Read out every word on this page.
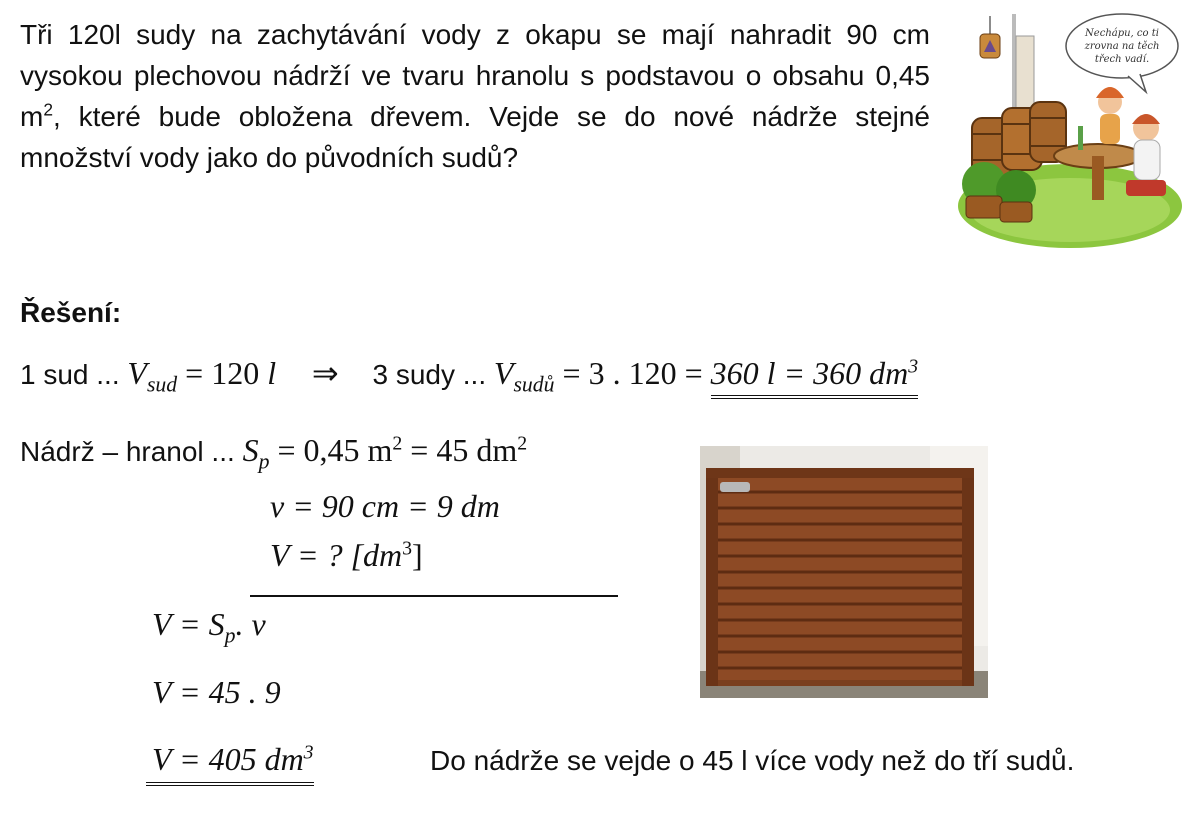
Tři 120l sudy na zachytávání vody z okapu se mají nahradit 90 cm vysokou plechovou nádrží ve tvaru hranolu s podstavou o obsahu 0,45 $m^2$, které bude obložena dřevem. Vejde se do nové nádrže stejné množství vody jako do původních sudů?
Nechápu, co ti
zrovna na těch
třech vadí.
Řešení:
1 sud ... $V_{sud} = 120$ l ⇒ 3 sudy ... $V_{sudů} = 3$ . 120 = 360 l = 360 $dm^3$
Nádrž – hranol ... $S_p = 0,45$ $m^2 = 45$ $dm^2$
v = 90 cm = 9 dm
V = ? $[dm^3]$
$V = S_p$. v
V = 45 . 9
V = 405 $dm^3$	Do nádrže se vejde o 45 l více vody než do tří sudů.
